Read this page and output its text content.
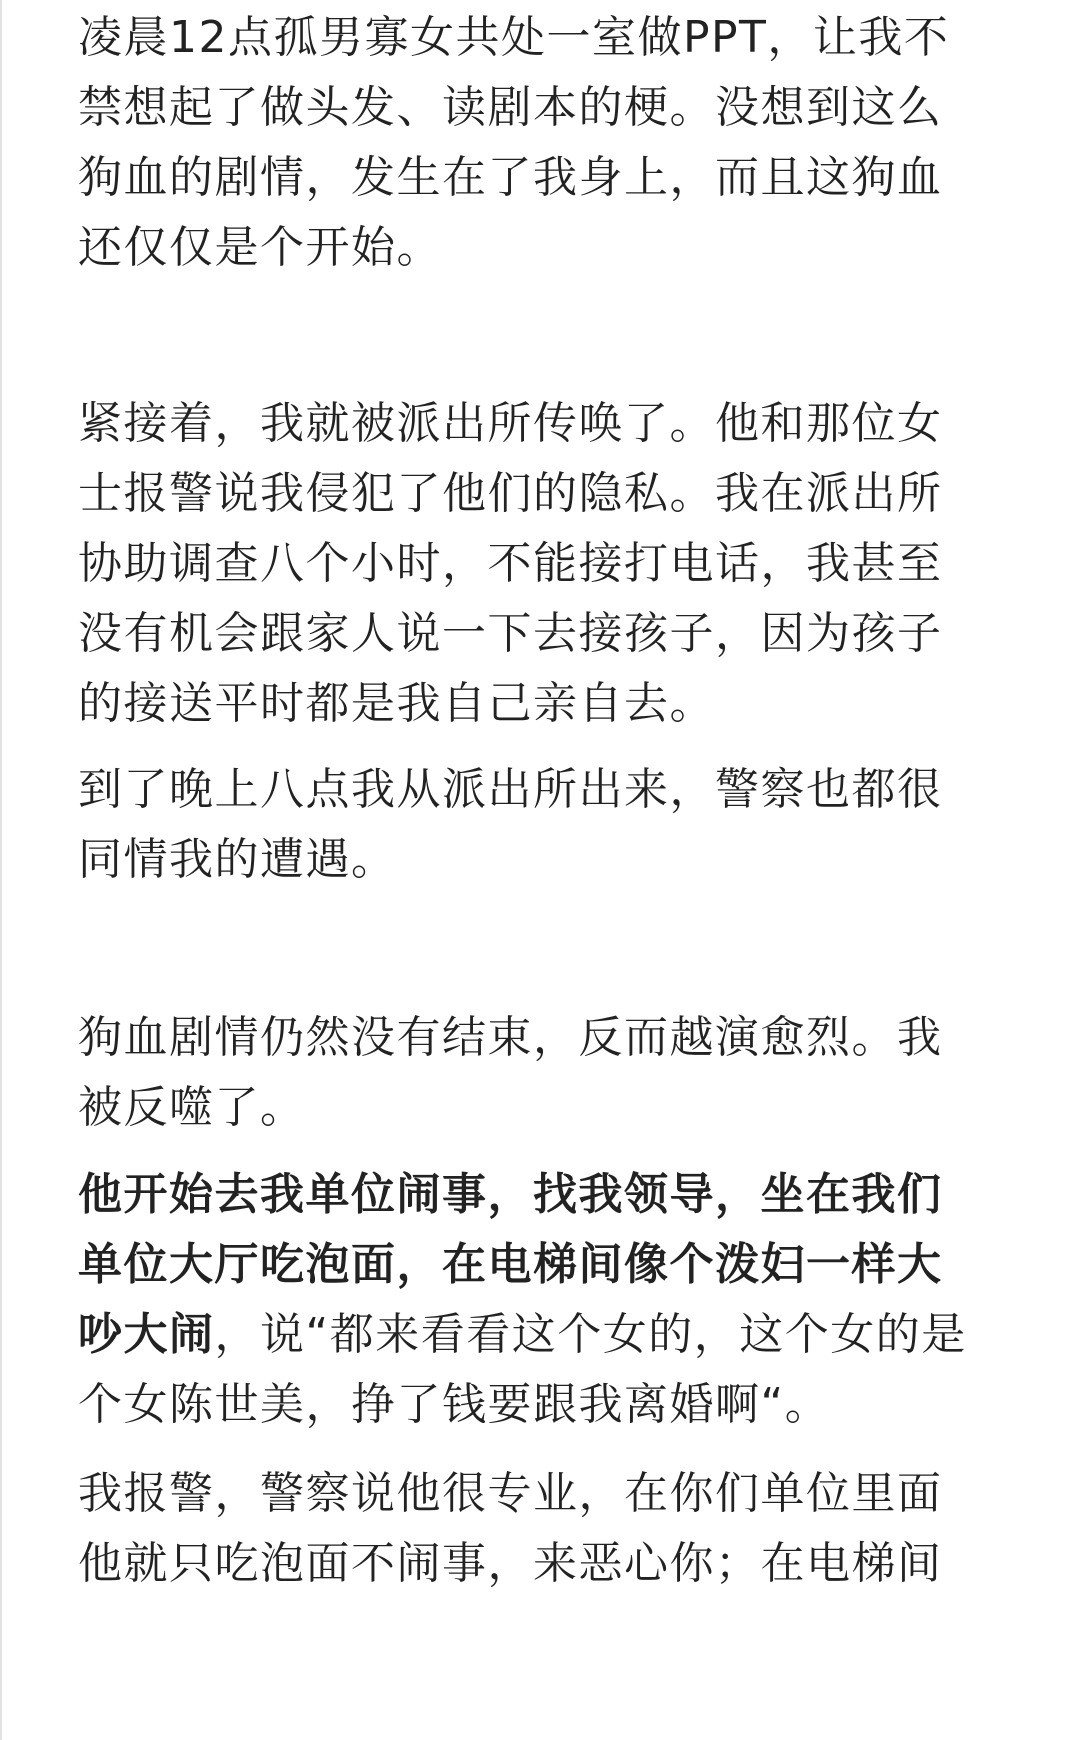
凌晨12点孤男寡女共处一室做PPT，让我不
禁想起了做头发、读剧本的梗。没想到这么
狗血的剧情，发生在了我身上，而且这狗血
还仅仅是个开始。
紧接着，我就被派出所传唤了。他和那位女
士报警说我侵犯了他们的隐私。我在派出所
协助调查八个小时，不能接打电话，我甚至
没有机会跟家人说一下去接孩子，因为孩子
的接送平时都是我自己亲自去。
到了晚上八点我从派出所出来，警察也都很
同情我的遭遇。
狗血剧情仍然没有结束，反而越演愈烈。我
被反噬了。
他开始去我单位闹事，找我领导，坐在我们
单位大厅吃泡面，在电梯间像个泼妇一样大
吵大闹，说“都来看看这个女的，这个女的是
个女陈世美，挣了钱要跟我离婚啊“。
我报警，警察说他很专业，在你们单位里面
他就只吃泡面不闹事，来恶心你；在电梯间
